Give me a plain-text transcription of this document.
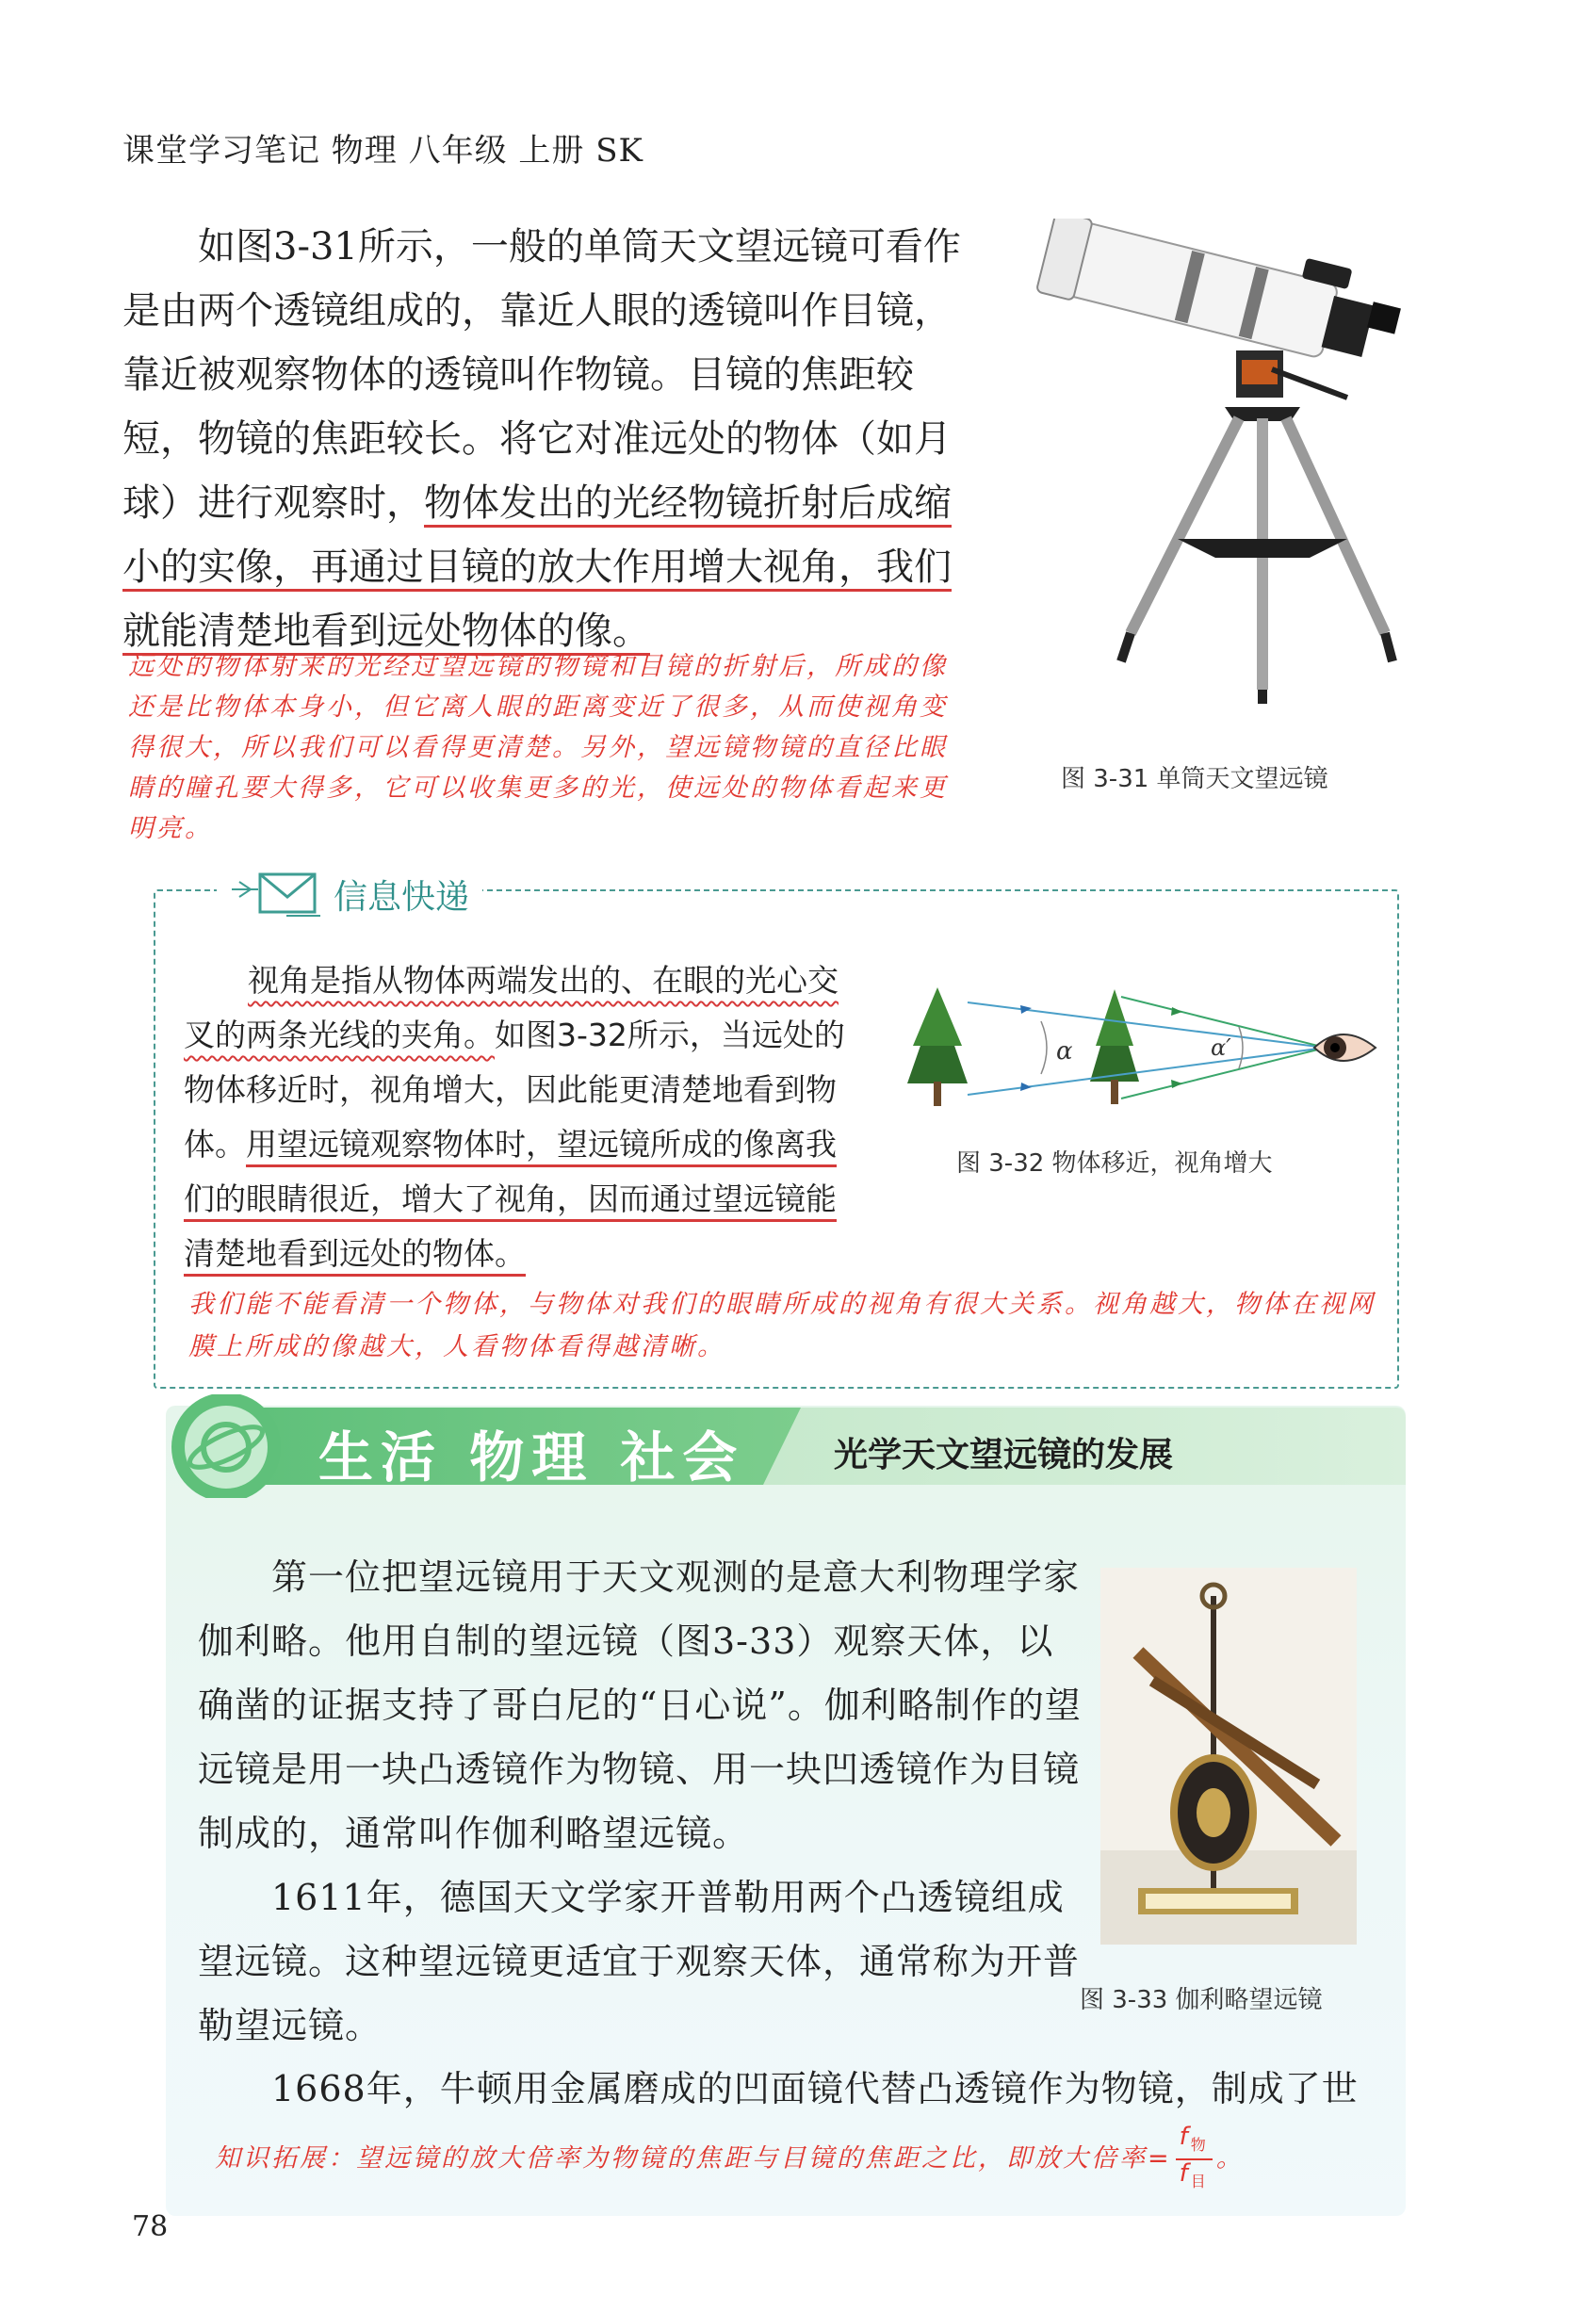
课堂学习笔记 物理 八年级 上册 SK

如图3-31所示，一般的单筒天文望远镜可看作是由两个透镜组成的，靠近人眼的透镜叫作目镜，靠近被观察物体的透镜叫作物镜。目镜的焦距较短，物镜的焦距较长。将它对准远处的物体（如月球）进行观察时，物体发出的光经物镜折射后成缩小的实像，再通过目镜的放大作用增大视角，我们就能清楚地看到远处物体的像。

远处的物体射来的光经过望远镜的物镜和目镜的折射后，所成的像还是比物体本身小，但它离人眼的距离变近了很多，从而使视角变得很大，所以我们可以看得更清楚。另外，望远镜物镜的直径比眼睛的瞳孔要大得多，它可以收集更多的光，使远处的物体看起来更明亮。
图 3-31 单筒天文望远镜
信息快递

视角是指从物体两端发出的、在眼的光心交叉的两条光线的夹角。如图3-32所示，当远处的物体移近时，视角增大，因此能更清楚地看到物体。用望远镜观察物体时，望远镜所成的像离我们的眼睛很近，增大了视角，因而通过望远镜能清楚地看到远处的物体。

α	α′
图 3-32 物体移近，视角增大
我们能不能看清一个物体，与物体对我们的眼睛所成的视角有很大关系。视角越大，物体在视网膜上所成的像越大，人看物体看得越清晰。
生活 物理 社会	光学天文望远镜的发展

第一位把望远镜用于天文观测的是意大利物理学家伽利略。他用自制的望远镜（图3-33）观察天体，以确凿的证据支持了哥白尼的“日心说”。伽利略制作的望远镜是用一块凸透镜作为物镜、用一块凹透镜作为目镜制成的，通常叫作伽利略望远镜。

1611年，德国天文学家开普勒用两个凸透镜组成望远镜。这种望远镜更适宜于观察天体，通常称为开普勒望远镜。

1668年，牛顿用金属磨成的凹面镜代替凸透镜作为物镜，制成了世
图 3-33 伽利略望远镜
知识拓展：望远镜的放大倍率为物镜的焦距与目镜的焦距之比，即放大倍率= $\frac{f_物}{f_目}$ 。
78
